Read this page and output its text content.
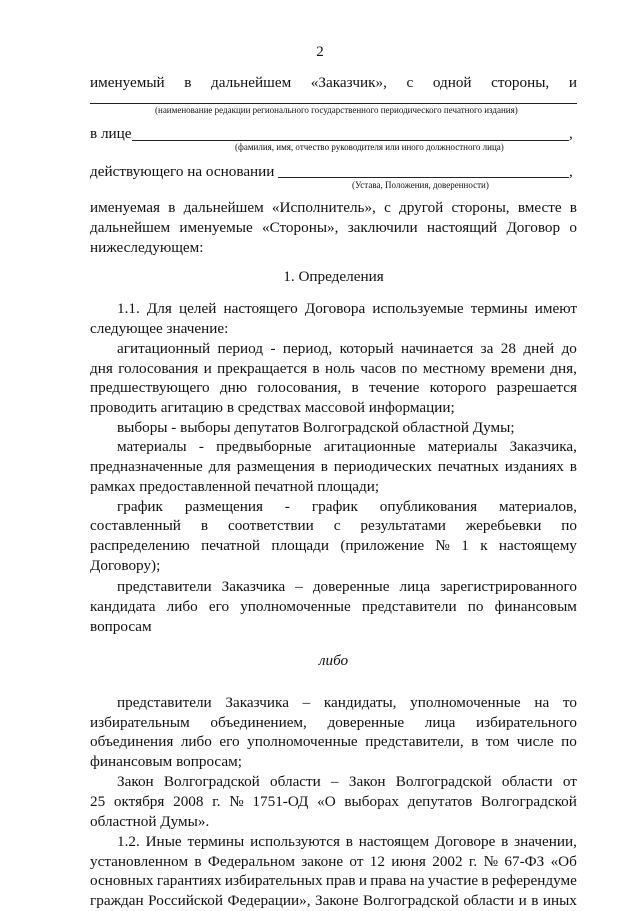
2
именуемый в дальнейшем «Заказчик», с одной стороны, и
(наименование редакции регионального государственного периодического печатного издания)
в лице	,
(фамилия, имя, отчество руководителя или иного должностного лица)
действующего на основании	,
(Устава, Положения, доверенности)
именуемая в дальнейшем «Исполнитель», с другой стороны, вместе в
дальнейшем именуемые «Стороны», заключили настоящий Договор о
нижеследующем:
1. Определения
1.1. Для целей настоящего Договора используемые термины имеют
следующее значение:
агитационный период - период, который начинается за 28 дней до
дня голосования и прекращается в ноль часов по местному времени дня,
предшествующего дню голосования, в течение которого разрешается
проводить агитацию в средствах массовой информации;
выборы - выборы депутатов Волгоградской областной Думы;
материалы - предвыборные агитационные материалы Заказчика,
предназначенные для размещения в периодических печатных изданиях в
рамках предоставленной печатной площади;
график размещения - график опубликования материалов,
составленный в соответствии с результатами жеребьевки по
распределению печатной площади (приложение № 1 к настоящему
Договору);
представители Заказчика – доверенные лица зарегистрированного
кандидата либо его уполномоченные представители по финансовым
вопросам
либо
представители Заказчика – кандидаты, уполномоченные на то
избирательным объединением, доверенные лица избирательного
объединения либо его уполномоченные представители, в том числе по
финансовым вопросам;
Закон Волгоградской области – Закон Волгоградской области от
25 октября 2008 г. № 1751-ОД «О выборах депутатов Волгоградской
областной Думы».
1.2. Иные термины используются в настоящем Договоре в значении,
установленном в Федеральном законе от 12 июня 2002 г. № 67-ФЗ «Об
основных гарантиях избирательных прав и права на участие в референдуме
граждан Российской Федерации», Законе Волгоградской области и в иных
